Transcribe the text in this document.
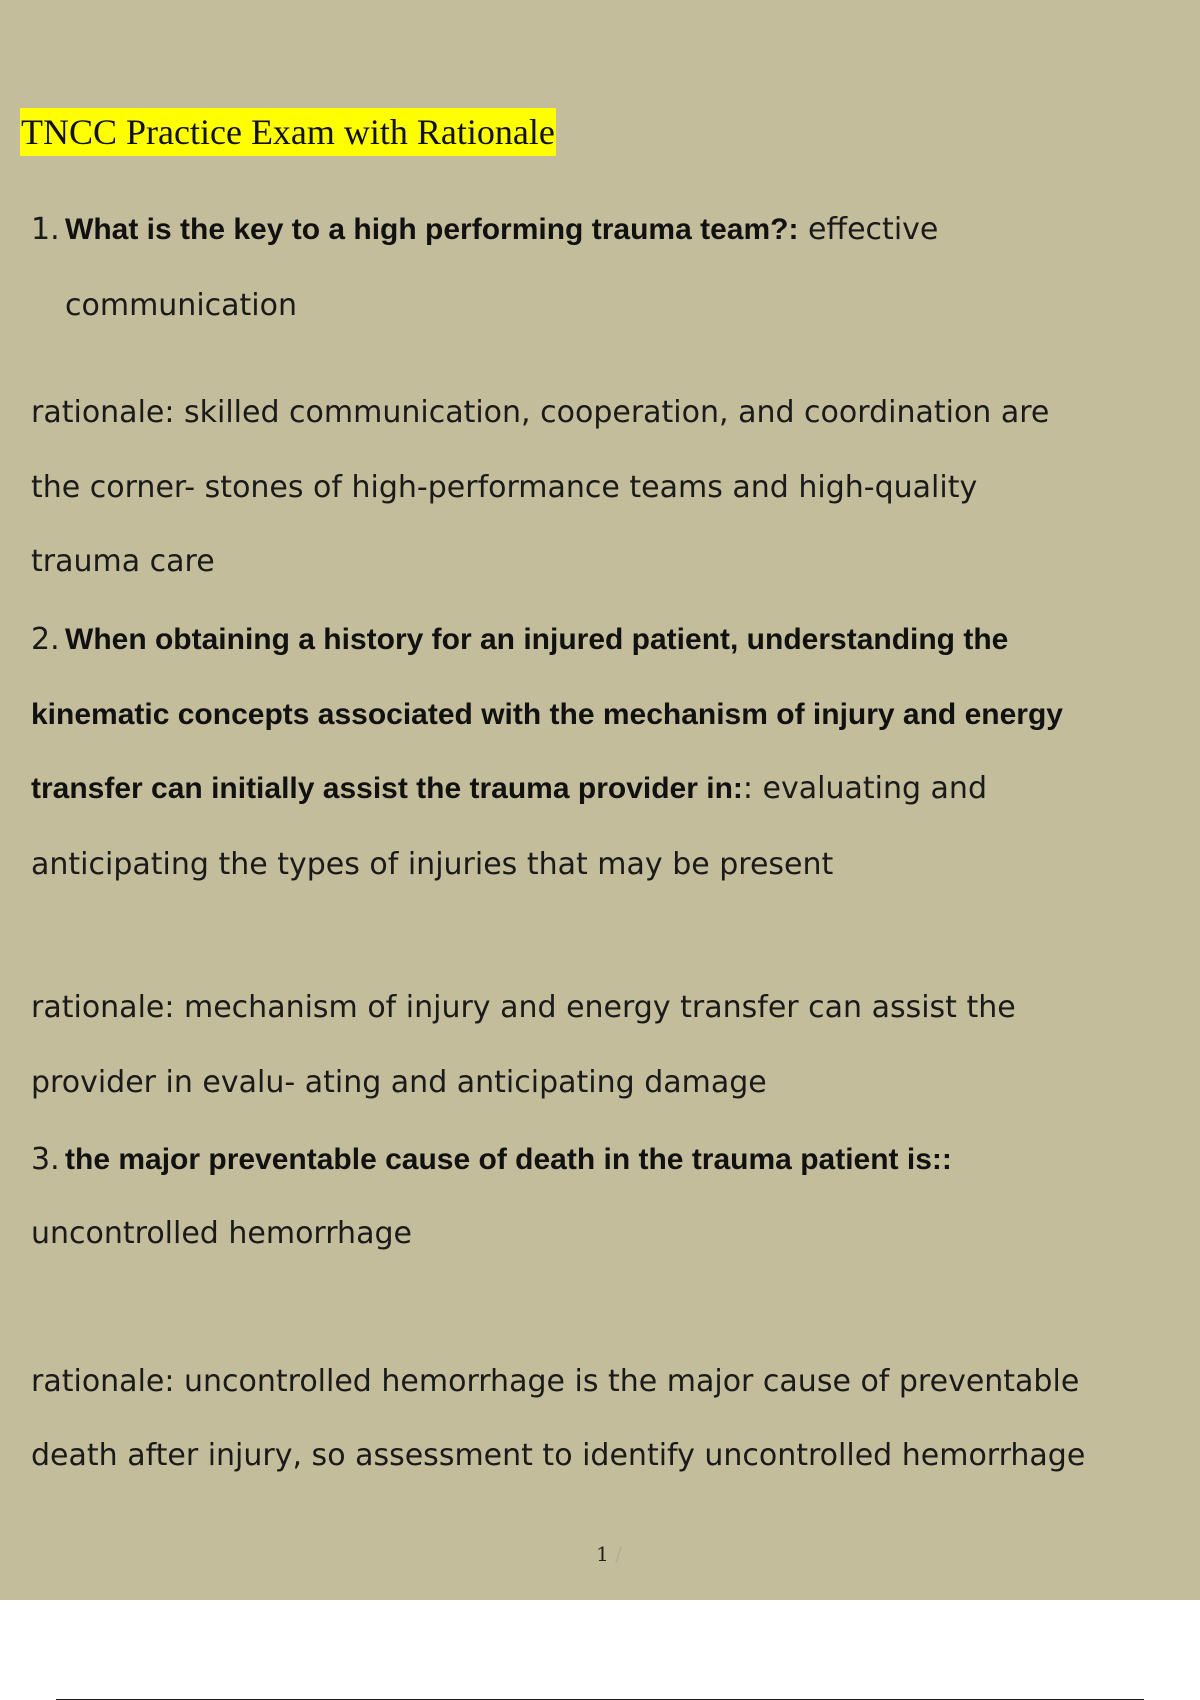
TNCC Practice Exam with Rationale
1. What is the key to a high performing trauma team?: effective
communication
rationale: skilled communication, cooperation, and coordination are
the corner- stones of high-performance teams and high-quality
trauma care
2. When obtaining a history for an injured patient, understanding the
kinematic concepts associated with the mechanism of injury and energy
transfer can initially assist the trauma provider in:: evaluating and
anticipating the types of injuries that may be present
rationale: mechanism of injury and energy transfer can assist the
provider in evalu- ating and anticipating damage
3. the major preventable cause of death in the trauma patient is::
uncontrolled hemorrhage
rationale: uncontrolled hemorrhage is the major cause of preventable
death after injury, so assessment to identify uncontrolled hemorrhage
1 /
